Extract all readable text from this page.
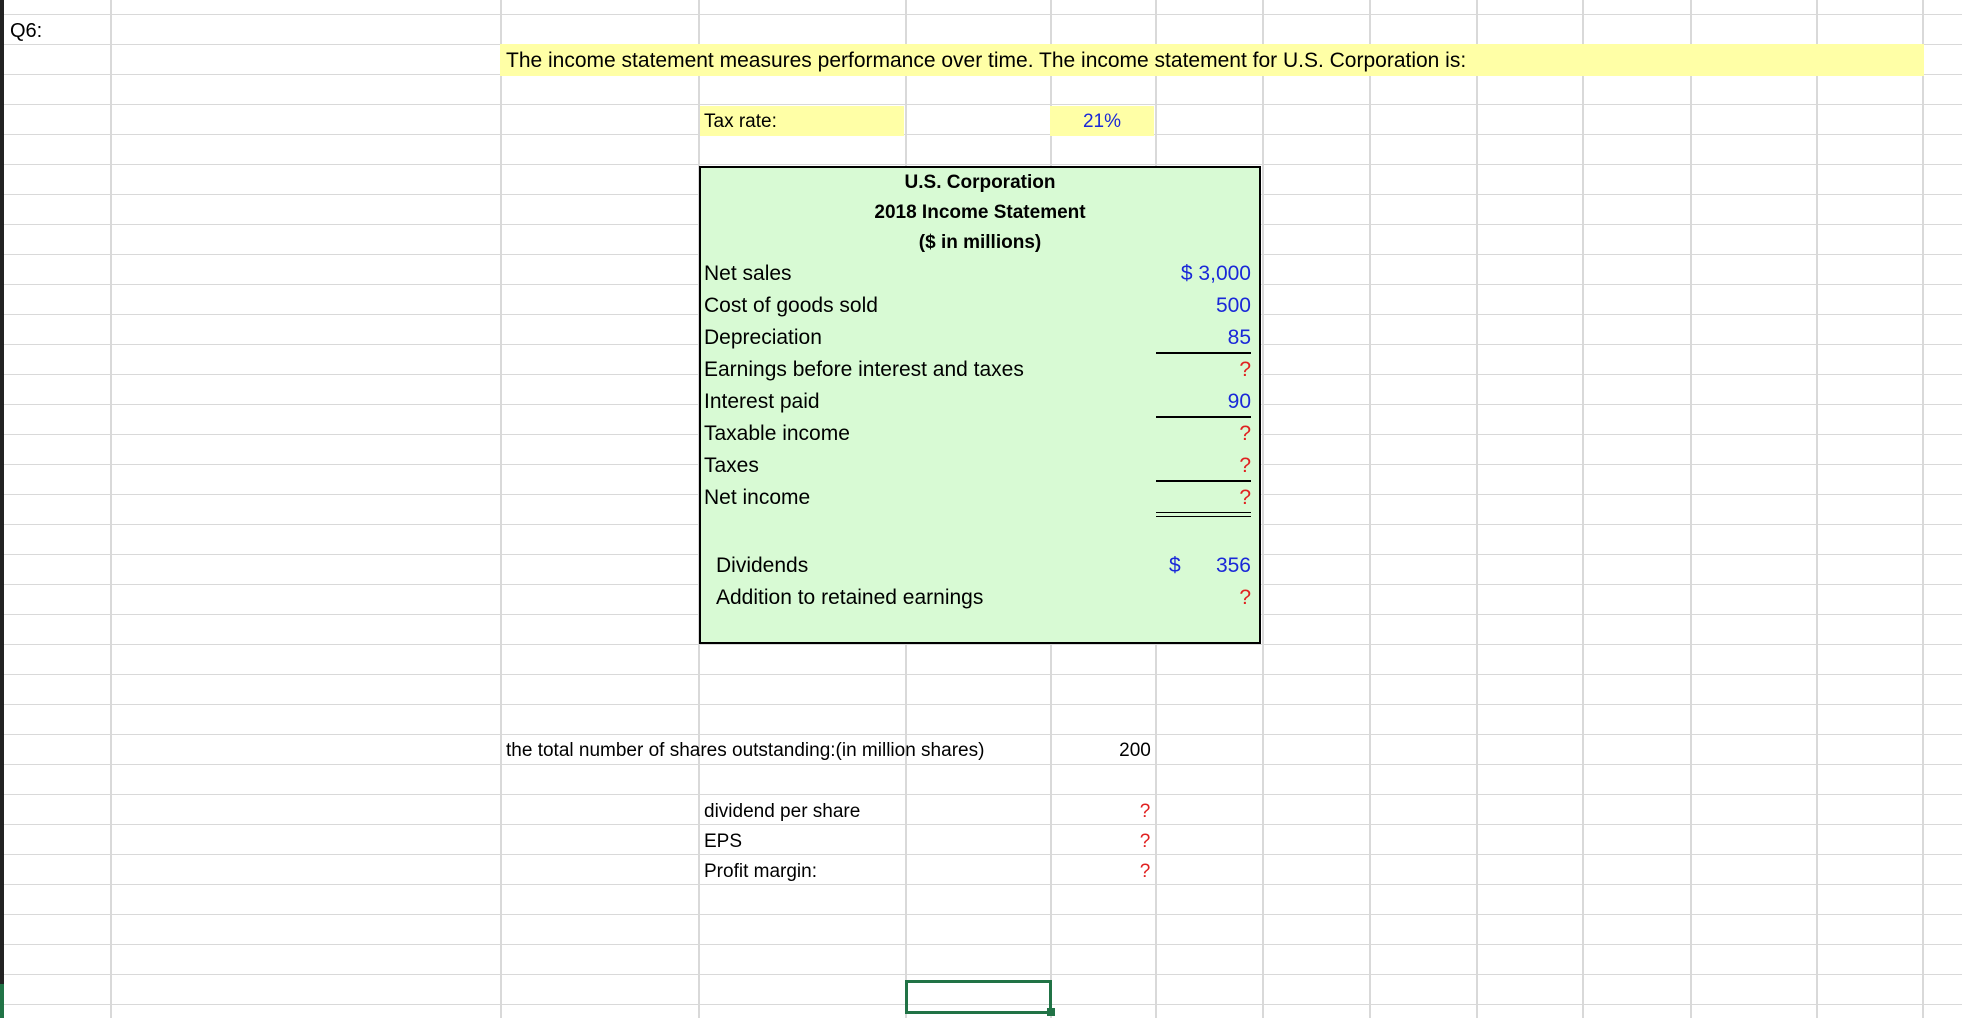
Q6:
The income statement measures performance over time. The income statement for U.S. Corporation is:
Tax rate:	21%
U.S. Corporation
2018 Income Statement
($ in millions)
Net sales	$ 3,000
Cost of goods sold	500
Depreciation	85
Earnings before interest and taxes	?
Interest paid	90
Taxable income	?
Taxes	?
Net income	?
Dividends	$	356
Addition to retained earnings	?
the total number of shares outstanding:(in million shares)	200
dividend per share	?
EPS	?
Profit margin:	?
